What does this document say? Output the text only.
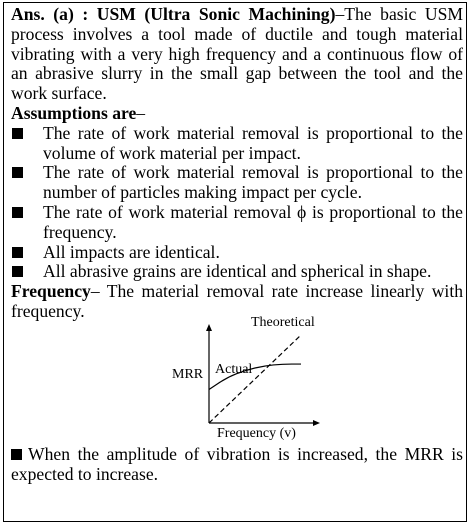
Ans. (a) : USM (Ultra Sonic Machining)–The basic USM process involves a tool made of ductile and tough material vibrating with a very high frequency and a continuous flow of an abrasive slurry in the small gap between the tool and the work surface.

Assumptions are–

The rate of work material removal is proportional to the volume of work material per impact.
The rate of work material removal is proportional to the number of particles making impact per cycle.
The rate of work material removal ϕ is proportional to the frequency.
All impacts are identical.
All abrasive grains are identical and spherical in shape.

Frequency– The material removal rate increase linearly with frequency.

MRR
Frequency (v)
Theoretical
Actual

When the amplitude of vibration is increased, the MRR is expected to increase.
